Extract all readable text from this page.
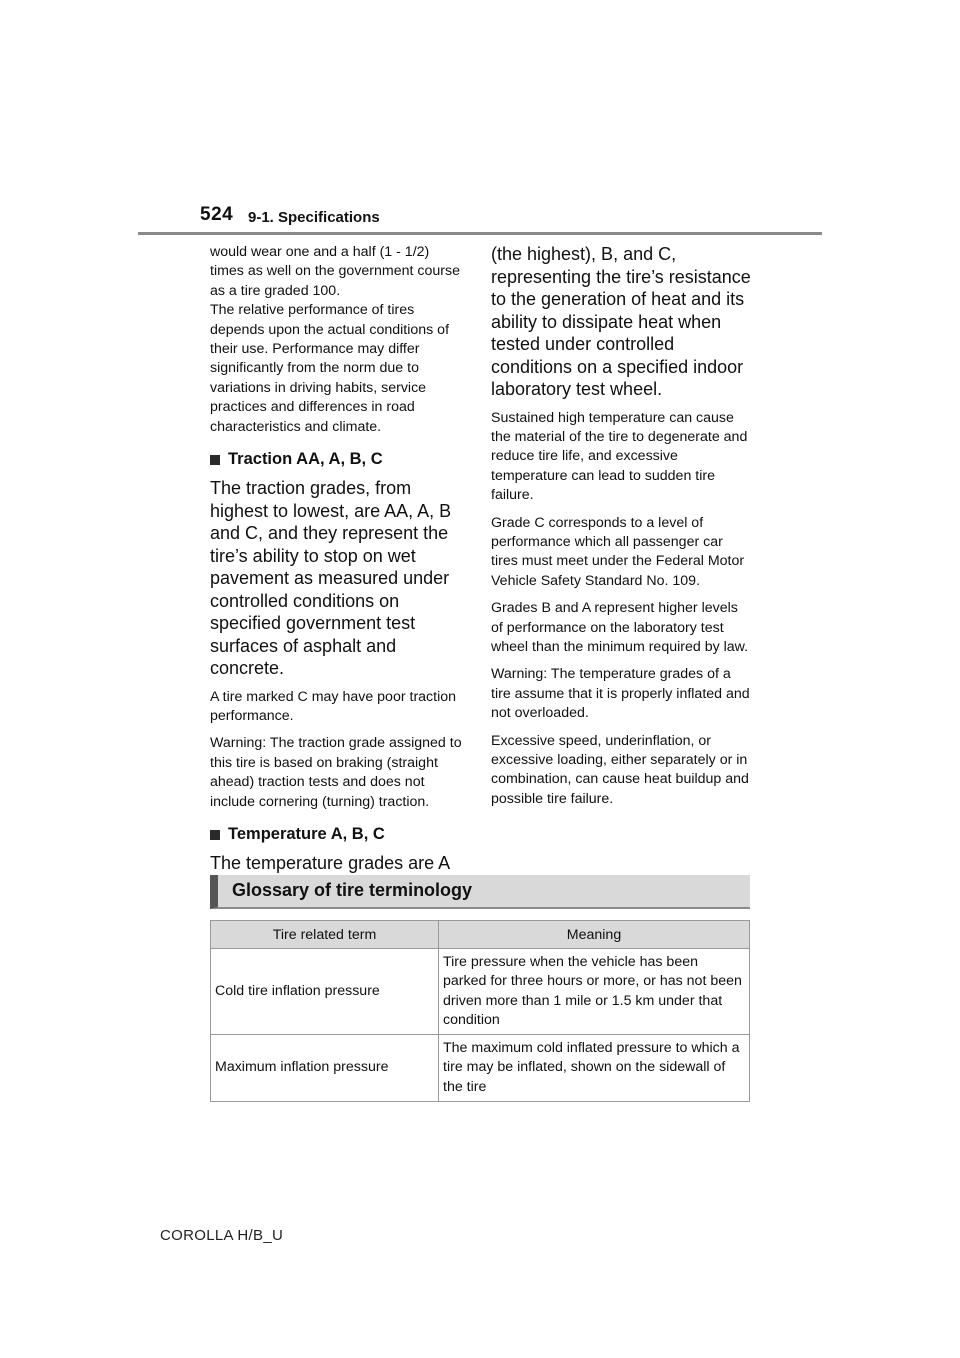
524 9-1. Specifications

would wear one and a half (1 - 1/2) times as well on the government course as a tire graded 100.

The relative performance of tires depends upon the actual conditions of their use. Performance may differ significantly from the norm due to variations in driving habits, service practices and differences in road characteristics and climate.

Traction AA, A, B, C

The traction grades, from highest to lowest, are AA, A, B and C, and they represent the tire’s ability to stop on wet pavement as measured under controlled conditions on specified government test surfaces of asphalt and concrete.

A tire marked C may have poor traction performance.

Warning: The traction grade assigned to this tire is based on braking (straight ahead) traction tests and does not include cornering (turning) traction.

Temperature A, B, C

The temperature grades are A

(the highest), B, and C, representing the tire’s resistance to the generation of heat and its ability to dissipate heat when tested under controlled conditions on a specified indoor laboratory test wheel.

Sustained high temperature can cause the material of the tire to degenerate and reduce tire life, and excessive temperature can lead to sudden tire failure.

Grade C corresponds to a level of performance which all passenger car tires must meet under the Federal Motor Vehicle Safety Standard No. 109.

Grades B and A represent higher levels of performance on the laboratory test wheel than the minimum required by law.

Warning: The temperature grades of a tire assume that it is properly inflated and not overloaded.

Excessive speed, underinflation, or excessive loading, either separately or in combination, can cause heat buildup and possible tire failure.

Glossary of tire terminology
Tire related term	Meaning
Cold tire inflation pressure	Tire pressure when the vehicle has been parked for three hours or more, or has not been driven more than 1 mile or 1.5 km under that condition
Maximum inflation pressure	The maximum cold inflated pressure to which a tire may be inflated, shown on the sidewall of the tire
COROLLA H/B_U
